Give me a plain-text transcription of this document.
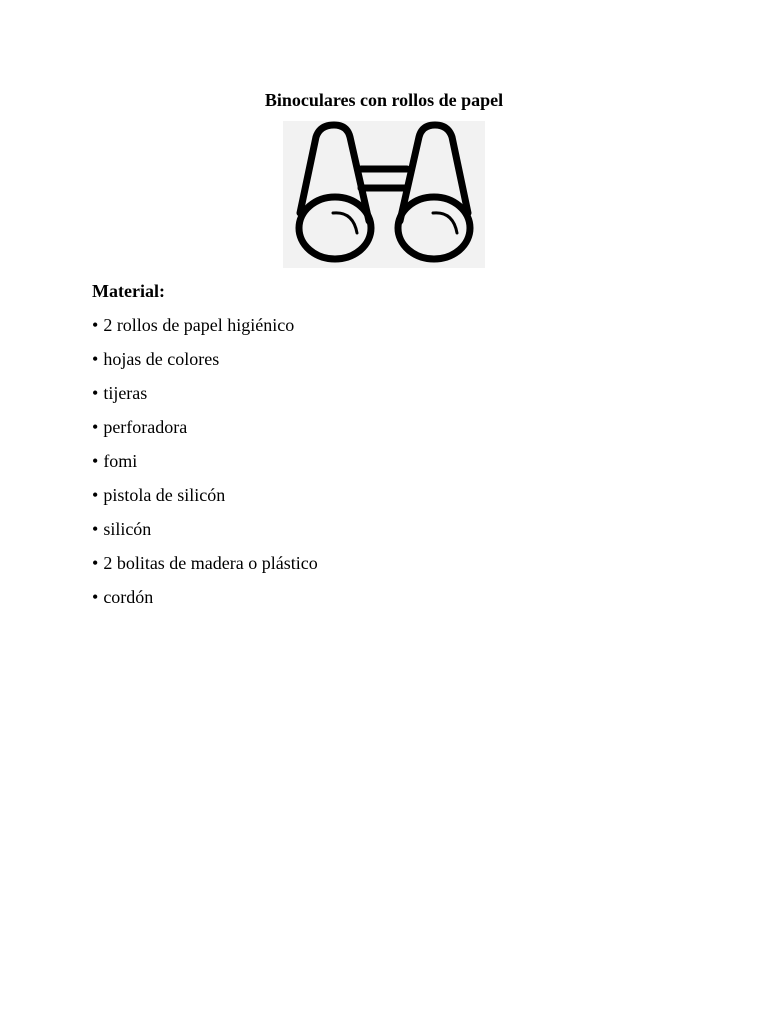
Binoculares con rollos de papel
Material:
• 2 rollos de papel higiénico
• hojas de colores
• tijeras
• perforadora
• fomi
• pistola de silicón
• silicón
• 2 bolitas de madera o plástico
• cordón
